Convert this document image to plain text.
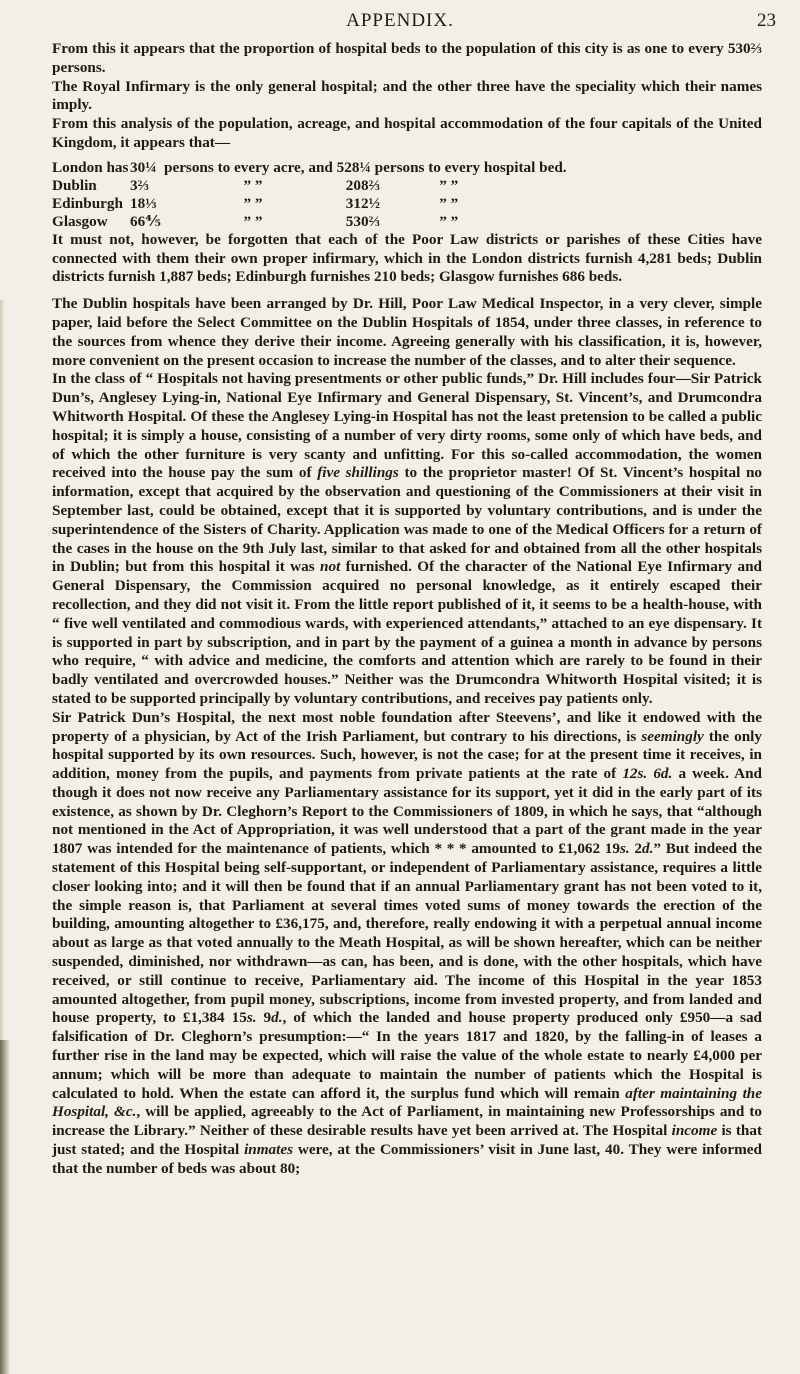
APPENDIX.	23

From this it appears that the proportion of hospital beds to the population of this city is as one to every 530⅔ persons.

The Royal Infirmary is the only general hospital; and the other three have the speciality which their names imply.

From this analysis of the population, acreage, and hospital accommodation of the four capitals of the United Kingdom, it appears that—

London has	30¼	persons to every acre, and 528¼ persons to every hospital bed.
Dublin	3⅔	” ” 208⅔ ” ”
Edinburgh	18⅓	” ” 312½ ” ”
Glasgow	66⅘	” ” 530⅔ ” ”

It must not, however, be forgotten that each of the Poor Law districts or parishes of these Cities have connected with them their own proper infirmary, which in the London districts furnish 4,281 beds; Dublin districts furnish 1,887 beds; Edinburgh furnishes 210 beds; Glasgow furnishes 686 beds.

The Dublin hospitals have been arranged by Dr. Hill, Poor Law Medical Inspector, in a very clever, simple paper, laid before the Select Committee on the Dublin Hospitals of 1854, under three classes, in reference to the sources from whence they derive their income. Agreeing generally with his classification, it is, however, more convenient on the present occasion to increase the number of the classes, and to alter their sequence.

In the class of “ Hospitals not having presentments or other public funds,” Dr. Hill includes four—Sir Patrick Dun’s, Anglesey Lying-in, National Eye Infirmary and General Dispensary, St. Vincent’s, and Drumcondra Whitworth Hospital. Of these the Anglesey Lying-in Hospital has not the least pretension to be called a public hospital; it is simply a house, consisting of a number of very dirty rooms, some only of which have beds, and of which the other furniture is very scanty and unfitting. For this so-called accommodation, the women received into the house pay the sum of five shillings to the proprietor master! Of St. Vincent’s hospital no information, except that acquired by the observation and questioning of the Commissioners at their visit in September last, could be obtained, except that it is supported by voluntary contributions, and is under the superintendence of the Sisters of Charity. Application was made to one of the Medical Officers for a return of the cases in the house on the 9th July last, similar to that asked for and obtained from all the other hospitals in Dublin; but from this hospital it was not furnished. Of the character of the National Eye Infirmary and General Dispensary, the Commission acquired no personal knowledge, as it entirely escaped their recollection, and they did not visit it. From the little report published of it, it seems to be a health-house, with “ five well ventilated and commodious wards, with experienced attendants,” attached to an eye dispensary. It is supported in part by subscription, and in part by the payment of a guinea a month in advance by persons who require, “ with advice and medicine, the comforts and attention which are rarely to be found in their badly ventilated and overcrowded houses.” Neither was the Drumcondra Whitworth Hospital visited; it is stated to be supported principally by voluntary contributions, and receives pay patients only.

Sir Patrick Dun’s Hospital, the next most noble foundation after Steevens’, and like it endowed with the property of a physician, by Act of the Irish Parliament, but contrary to his directions, is seemingly the only hospital supported by its own resources. Such, however, is not the case; for at the present time it receives, in addition, money from the pupils, and payments from private patients at the rate of 12s. 6d. a week. And though it does not now receive any Parliamentary assistance for its support, yet it did in the early part of its existence, as shown by Dr. Cleghorn’s Report to the Commissioners of 1809, in which he says, that “although not mentioned in the Act of Appropriation, it was well understood that a part of the grant made in the year 1807 was intended for the maintenance of patients, which * * * amounted to £1,062 19s. 2d.” But indeed the statement of this Hospital being self-supportant, or independent of Parliamentary assistance, requires a little closer looking into; and it will then be found that if an annual Parliamentary grant has not been voted to it, the simple reason is, that Parliament at several times voted sums of money towards the erection of the building, amounting altogether to £36,175, and, therefore, really endowing it with a perpetual annual income about as large as that voted annually to the Meath Hospital, as will be shown hereafter, which can be neither suspended, diminished, nor withdrawn—as can, has been, and is done, with the other hospitals, which have received, or still continue to receive, Parliamentary aid. The income of this Hospital in the year 1853 amounted altogether, from pupil money, subscriptions, income from invested property, and from landed and house property, to £1,384 15s. 9d., of which the landed and house property produced only £950—a sad falsification of Dr. Cleghorn’s presumption:—“ In the years 1817 and 1820, by the falling-in of leases a further rise in the land may be expected, which will raise the value of the whole estate to nearly £4,000 per annum; which will be more than adequate to maintain the number of patients which the Hospital is calculated to hold. When the estate can afford it, the surplus fund which will remain after maintaining the Hospital, &c., will be applied, agreeably to the Act of Parliament, in maintaining new Professorships and to increase the Library.” Neither of these desirable results have yet been arrived at. The Hospital income is that just stated; and the Hospital inmates were, at the Commissioners’ visit in June last, 40. They were informed that the number of beds was about 80;
